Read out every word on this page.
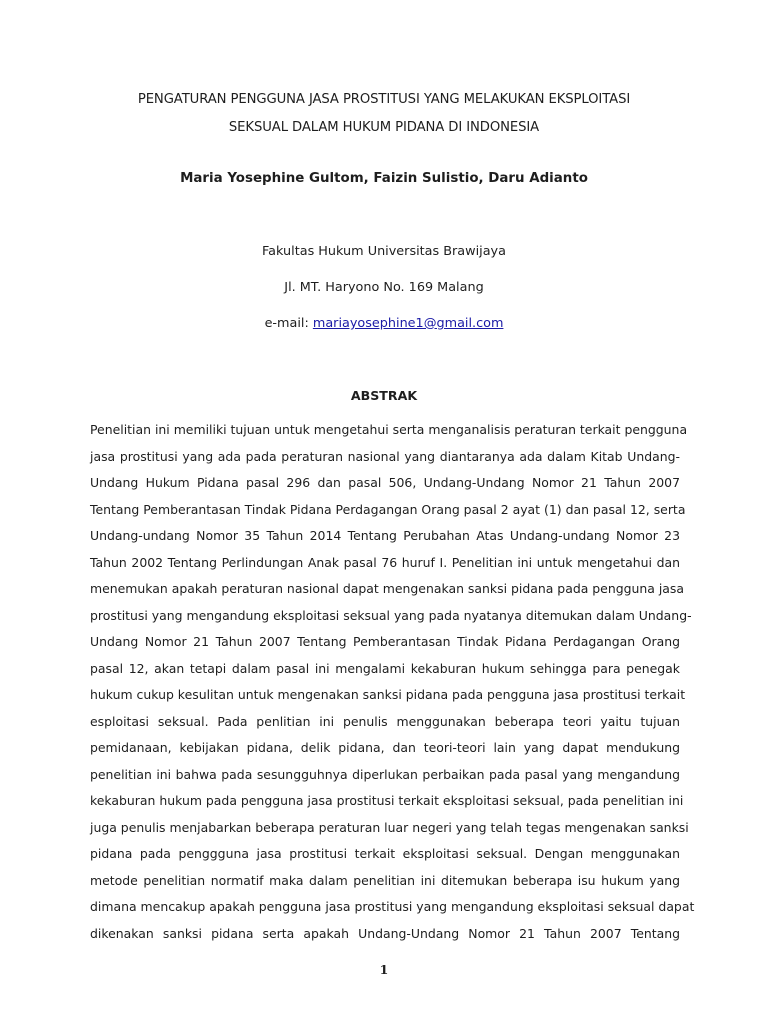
PENGATURAN PENGGUNA JASA PROSTITUSI YANG MELAKUKAN EKSPLOITASI
SEKSUAL DALAM HUKUM PIDANA DI INDONESIA
Maria Yosephine Gultom, Faizin Sulistio, Daru Adianto
Fakultas Hukum Universitas Brawijaya
Jl. MT. Haryono No. 169 Malang
e-mail: mariayosephine1@gmail.com
ABSTRAK
Penelitian ini memiliki tujuan untuk mengetahui serta menganalisis peraturan terkait pengguna
jasa prostitusi yang ada pada peraturan nasional yang diantaranya ada dalam Kitab Undang-
Undang Hukum Pidana pasal 296 dan pasal 506, Undang-Undang Nomor 21 Tahun 2007
Tentang Pemberantasan Tindak Pidana Perdagangan Orang pasal 2 ayat (1) dan pasal 12, serta
Undang-undang Nomor 35 Tahun 2014 Tentang Perubahan Atas Undang-undang Nomor 23
Tahun 2002 Tentang Perlindungan Anak pasal 76 huruf I. Penelitian ini untuk mengetahui dan
menemukan apakah peraturan nasional dapat mengenakan sanksi pidana pada pengguna jasa
prostitusi yang mengandung eksploitasi seksual yang pada nyatanya ditemukan dalam Undang-
Undang Nomor 21 Tahun 2007 Tentang Pemberantasan Tindak Pidana Perdagangan Orang
pasal 12, akan tetapi dalam pasal ini mengalami kekaburan hukum sehingga para penegak
hukum cukup kesulitan untuk mengenakan sanksi pidana pada pengguna jasa prostitusi terkait
esploitasi seksual. Pada penlitian ini penulis menggunakan beberapa teori yaitu tujuan
pemidanaan, kebijakan pidana, delik pidana, dan teori-teori lain yang dapat mendukung
penelitian ini bahwa pada sesungguhnya diperlukan perbaikan pada pasal yang mengandung
kekaburan hukum pada pengguna jasa prostitusi terkait eksploitasi seksual, pada penelitian ini
juga penulis menjabarkan beberapa peraturan luar negeri yang telah tegas mengenakan sanksi
pidana pada penggguna jasa prostitusi terkait eksploitasi seksual. Dengan menggunakan
metode penelitian normatif maka dalam penelitian ini ditemukan beberapa isu hukum yang
dimana mencakup apakah pengguna jasa prostitusi yang mengandung eksploitasi seksual dapat
dikenakan sanksi pidana serta apakah Undang-Undang Nomor 21 Tahun 2007 Tentang
1
